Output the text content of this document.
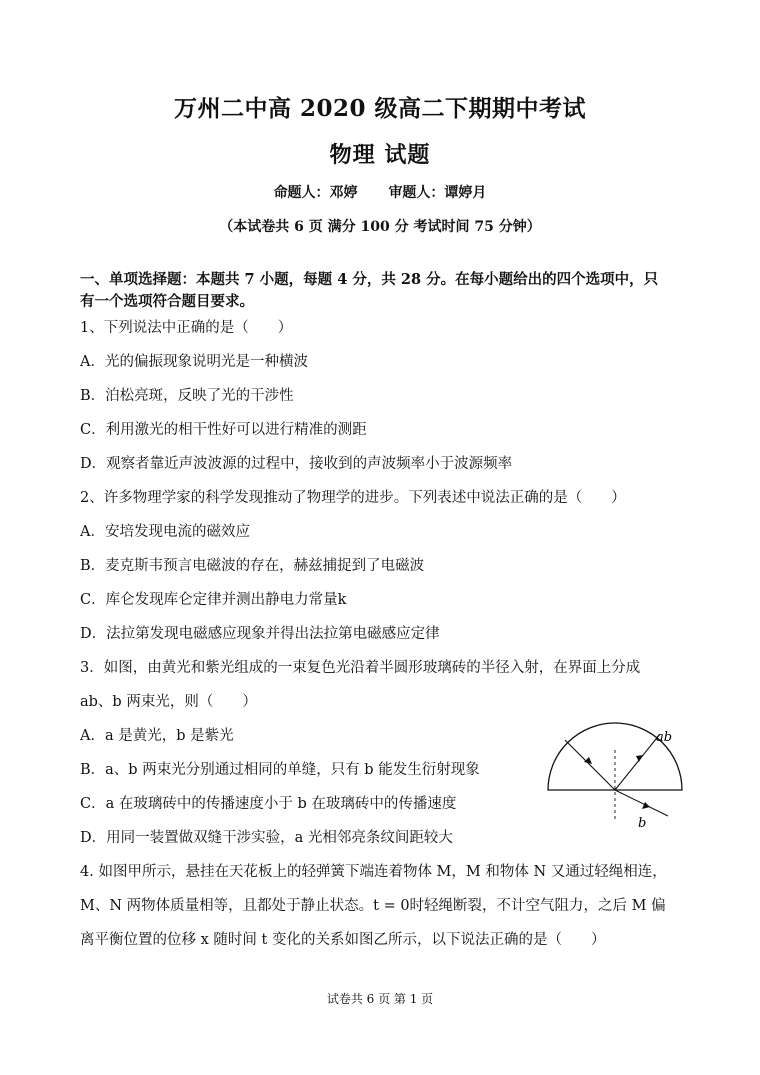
万州二中高 2020 级高二下期期中考试
物理 试题
命题人：邓婷 审题人：谭婷月
（本试卷共 6 页 满分 100 分 考试时间 75 分钟）
一、单项选择题：本题共 7 小题，每题 4 分，共 28 分。在每小题给出的四个选项中，只
有一个选项符合题目要求。
1、下列说法中正确的是（　　）
A．光的偏振现象说明光是一种横波
B．泊松亮斑，反映了光的干涉性
C．利用激光的相干性好可以进行精准的测距
D．观察者靠近声波波源的过程中，接收到的声波频率小于波源频率
2、许多物理学家的科学发现推动了物理学的进步。下列表述中说法正确的是（　　）
A．安培发现电流的磁效应
B．麦克斯韦预言电磁波的存在，赫兹捕捉到了电磁波
C．库仑发现库仑定律并测出静电力常量k
D．法拉第发现电磁感应现象并得出法拉第电磁感应定律
3．如图，由黄光和紫光组成的一束复色光沿着半圆形玻璃砖的半径入射，在界面上分成
ab、b 两束光，则（　　）
A．a 是黄光，b 是紫光
B．a、b 两束光分别通过相同的单缝，只有 b 能发生衍射现象
C．a 在玻璃砖中的传播速度小于 b 在玻璃砖中的传播速度
D．用同一装置做双缝干涉实验，a 光相邻亮条纹间距较大
ab
b
4. 如图甲所示，悬挂在天花板上的轻弹簧下端连着物体 M，M 和物体 N 又通过轻绳相连，
M、N 两物体质量相等，且都处于静止状态。t = 0时轻绳断裂，不计空气阻力，之后 M 偏
离平衡位置的位移 x 随时间 t 变化的关系如图乙所示，以下说法正确的是（　　）
试卷共 6 页 第 1 页
